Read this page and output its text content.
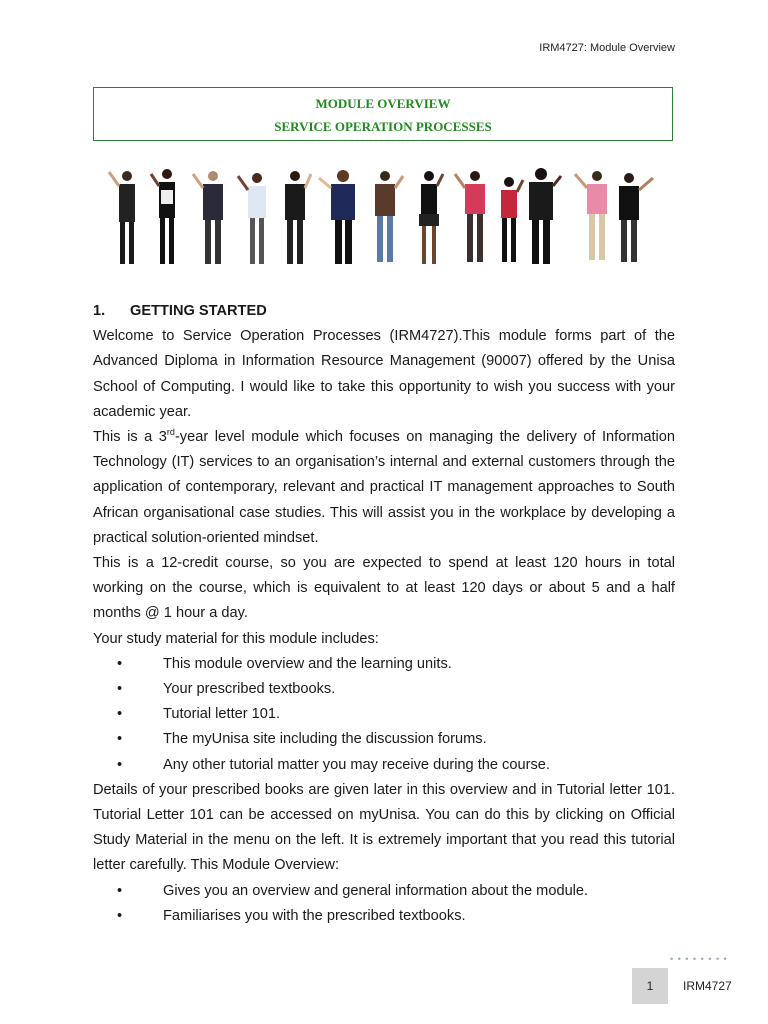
IRM4727: Module Overview
MODULE OVERVIEW
SERVICE OPERATION PROCESSES
1.	GETTING STARTED

Welcome to Service Operation Processes (IRM4727).This module forms part of the Advanced Diploma in Information Resource Management (90007) offered by the Unisa School of Computing. I would like to take this opportunity to wish you success with your academic year.

This is a 3rd-year level module which focuses on managing the delivery of Information Technology (IT) services to an organisation’s internal and external customers through the application of contemporary, relevant and practical IT management approaches to South African organisational case studies. This will assist you in the workplace by developing a practical solution-oriented mindset.

This is a 12-credit course, so you are expected to spend at least 120 hours in total working on the course, which is equivalent to at least 120 days or about 5 and a half months @ 1 hour a day.

Your study material for this module includes:

•	This module overview and the learning units.
•	Your prescribed textbooks.
•	Tutorial letter 101.
•	The myUnisa site including the discussion forums.
•	Any other tutorial matter you may receive during the course.

Details of your prescribed books are given later in this overview and in Tutorial letter 101. Tutorial Letter 101 can be accessed on myUnisa. You can do this by clicking on Official Study Material in the menu on the left. It is extremely important that you read this tutorial letter carefully. This Module Overview:

•	Gives you an overview and general information about the module.
•	Familiarises you with the prescribed textbooks.
• • • • • • • •
1	IRM4727
